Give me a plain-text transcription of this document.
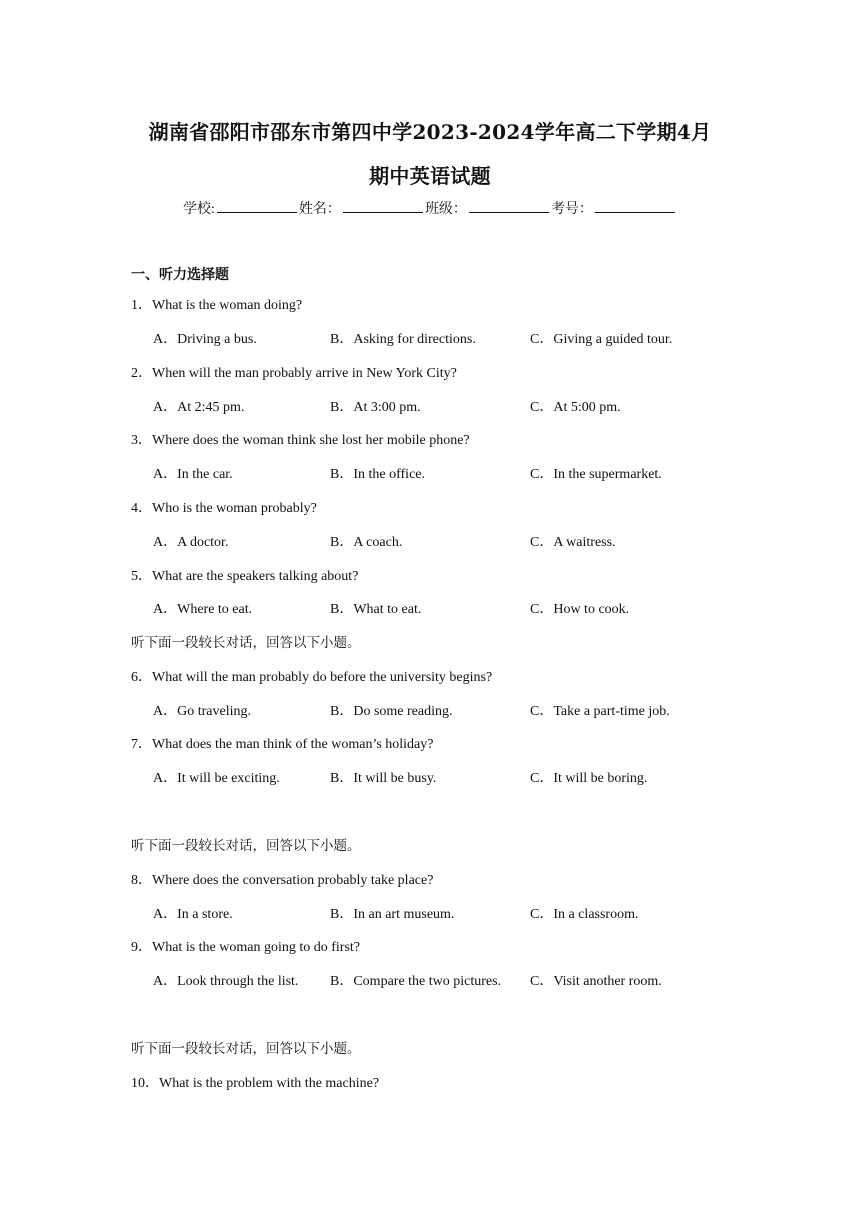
湖南省邵阳市邵东市第四中学2023-2024学年高二下学期4月
期中英语试题
学校:	姓名：	班级：	考号：
一、听力选择题
1．What is the woman doing?
A．Driving a bus.	B．Asking for directions.	C．Giving a guided tour.
2．When will the man probably arrive in New York City?
A．At 2:45 pm.	B．At 3:00 pm.	C．At 5:00 pm.
3．Where does the woman think she lost her mobile phone?
A．In the car.	B．In the office.	C．In the supermarket.
4．Who is the woman probably?
A．A doctor.	B．A coach.	C．A waitress.
5．What are the speakers talking about?
A．Where to eat.	B．What to eat.	C．How to cook.
听下面一段较长对话，回答以下小题。
6．What will the man probably do before the university begins?
A．Go traveling.	B．Do some reading.	C．Take a part-time job.
7．What does the man think of the woman’s holiday?
A．It will be exciting.	B．It will be busy.	C．It will be boring.
听下面一段较长对话，回答以下小题。
8．Where does the conversation probably take place?
A．In a store.	B．In an art museum.	C．In a classroom.
9．What is the woman going to do first?
A．Look through the list. B．Compare the two pictures. C．Visit another room.
听下面一段较长对话，回答以下小题。
10．What is the problem with the machine?
